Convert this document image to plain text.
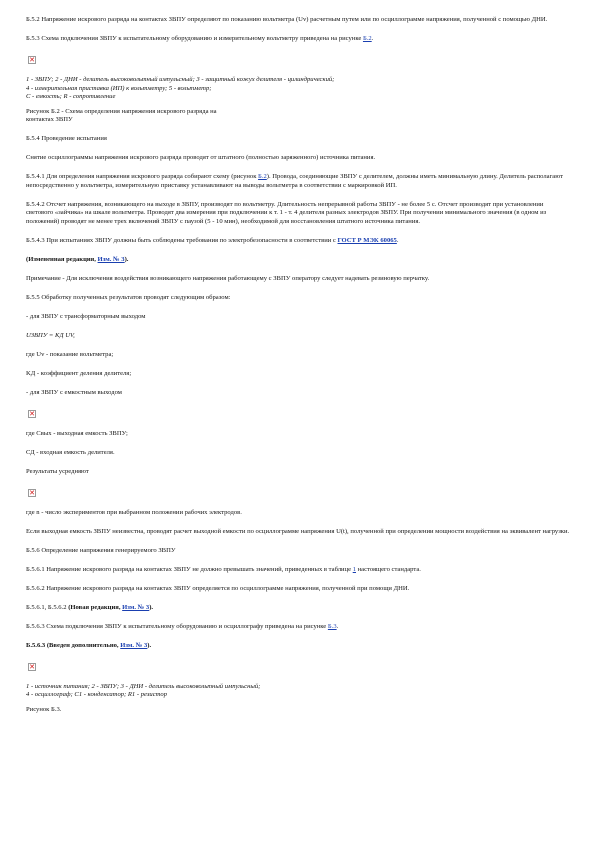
Б.5.2 Напряжение искрового разряда на контактах ЗВПУ определяют по показанию вольтметра (Uv) расчетным путем или по осциллограмме напряжения, полученной с помощью ДНИ.

Б.5.3 Схема подключения ЗВПУ к испытательному оборудованию и измерительному вольтметру приведена на рисунке Б.2.

✕

1 - ЗВПУ; 2 - ДНИ - делитель высоковольтный импульсный; 3 - защитный кожух делителя - цилиндрический;
4 - измерительная приставка (ИП) к вольтметру; 5 - вольтметр;
С - емкость; R - сопротивление

Рисунок Б.2 - Схема определения напряжения искрового разряда на
контактах ЗВПУ

Б.5.4 Проведение испытания

Снятие осциллограммы напряжения искрового разряда проводят от штатного (полностью заряженного) источника питания.

Б.5.4.1 Для определения напряжения искрового разряда собирают схему (рисунок Б.2). Провода, соединяющие ЗВПУ с делителем, должны иметь минимальную длину. Делитель располагают непосредственно у вольтметра, измерительную приставку устанавливают на выводы вольтметра в соответствии с маркировкой ИП.

Б.5.4.2 Отсчет напряжения, возникающего на выходе в ЗВПУ, производят по вольтметру. Длительность непрерывной работы ЗВПУ - не более 5 с. Отсчет производят при установлении светового «зайчика» на шкале вольтметра. Проводят два измерения при подключении к т. 1 - т. 4 делителя разных электродов ЗВПУ. При получении минимального значения (в одном из положений) проводят не менее трех включений ЗВПУ с паузой (5 - 10 мин), необходимой для восстановления штатного источника питания.

Б.5.4.3 При испытаниях ЗВПУ должны быть соблюдены требования по электробезопасности в соответствии с ГОСТ Р МЭК 60065.

(Измененная редакция, Изм. № 3).

Примечание - Для исключения воздействия возникающего напряжения работающему с ЗВПУ оператору следует надевать резиновую перчатку.

Б.5.5 Обработку полученных результатов проводят следующим образом:

- для ЗВПУ с трансформаторным выходом

UЗВПУ = KД UV,

где Uv - показание вольтметра;

KД - коэффициент деления делителя;

- для ЗВПУ с емкостным выходом

✕

где Свых - выходная емкость ЗВПУ;

СД - входная емкость делителя.

Результаты усредняют

✕

где n - число экспериментов при выбранном положении рабочих электродов.

Если выходная емкость ЗВПУ неизвестна, проводят расчет выходной емкости по осциллограмме напряжения U(t), полученной при определении мощности воздействия на эквивалент нагрузки.

Б.5.6 Определение напряжения генерируемого ЗВПУ

Б.5.6.1 Напряжение искрового разряда на контактах ЗВПУ не должно превышать значений, приведенных в таблице 1 настоящего стандарта.

Б.5.6.2 Напряжение искрового разряда на контактах ЗВПУ определяется по осциллограмме напряжения, полученной при помощи ДНИ.

Б.5.6.1, Б.5.6.2 (Новая редакция, Изм. № 3).

Б.5.6.3 Схема подключения ЗВПУ к испытательному оборудованию и осциллографу приведена на рисунке Б.3.

Б.5.6.3 (Введен дополнительно, Изм. № 3).

✕

1 - источник питания; 2 - ЗВПУ; 3 - ДНИ - делитель высоковольтный импульсный;
4 - осциллограф; C1 - конденсатор; R1 - резистор

Рисунок Б.3.
